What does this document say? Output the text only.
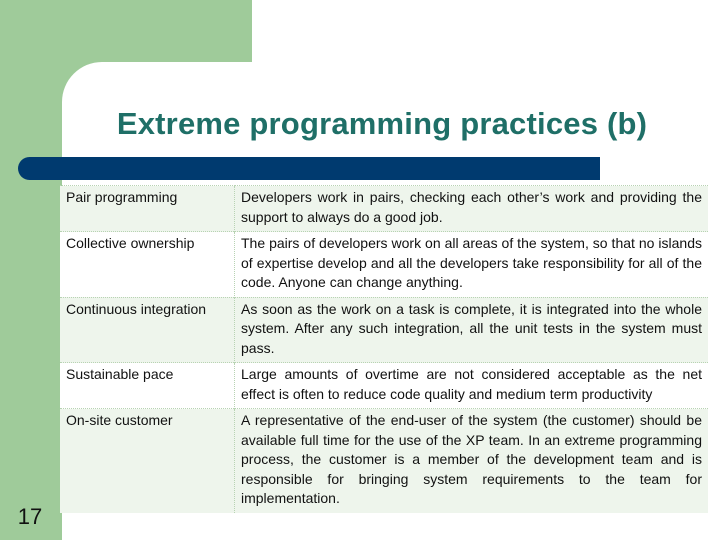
Extreme programming practices (b)
Pair programming	Developers work in pairs, checking each other’s work and providing the support to always do a good job.
Collective ownership	The pairs of developers work on all areas of the system, so that no islands of expertise develop and all the developers take responsibility for all of the code. Anyone can change anything.
Continuous integration	As soon as the work on a task is complete, it is integrated into the whole system. After any such integration, all the unit tests in the system must pass.
Sustainable pace	Large amounts of overtime are not considered acceptable as the net effect is often to reduce code quality and medium term productivity
On-site customer	A representative of the end-user of the system (the customer) should be available full time for the use of the XP team. In an extreme programming process, the customer is a member of the development team and is responsible for bringing system requirements to the team for implementation.
17
